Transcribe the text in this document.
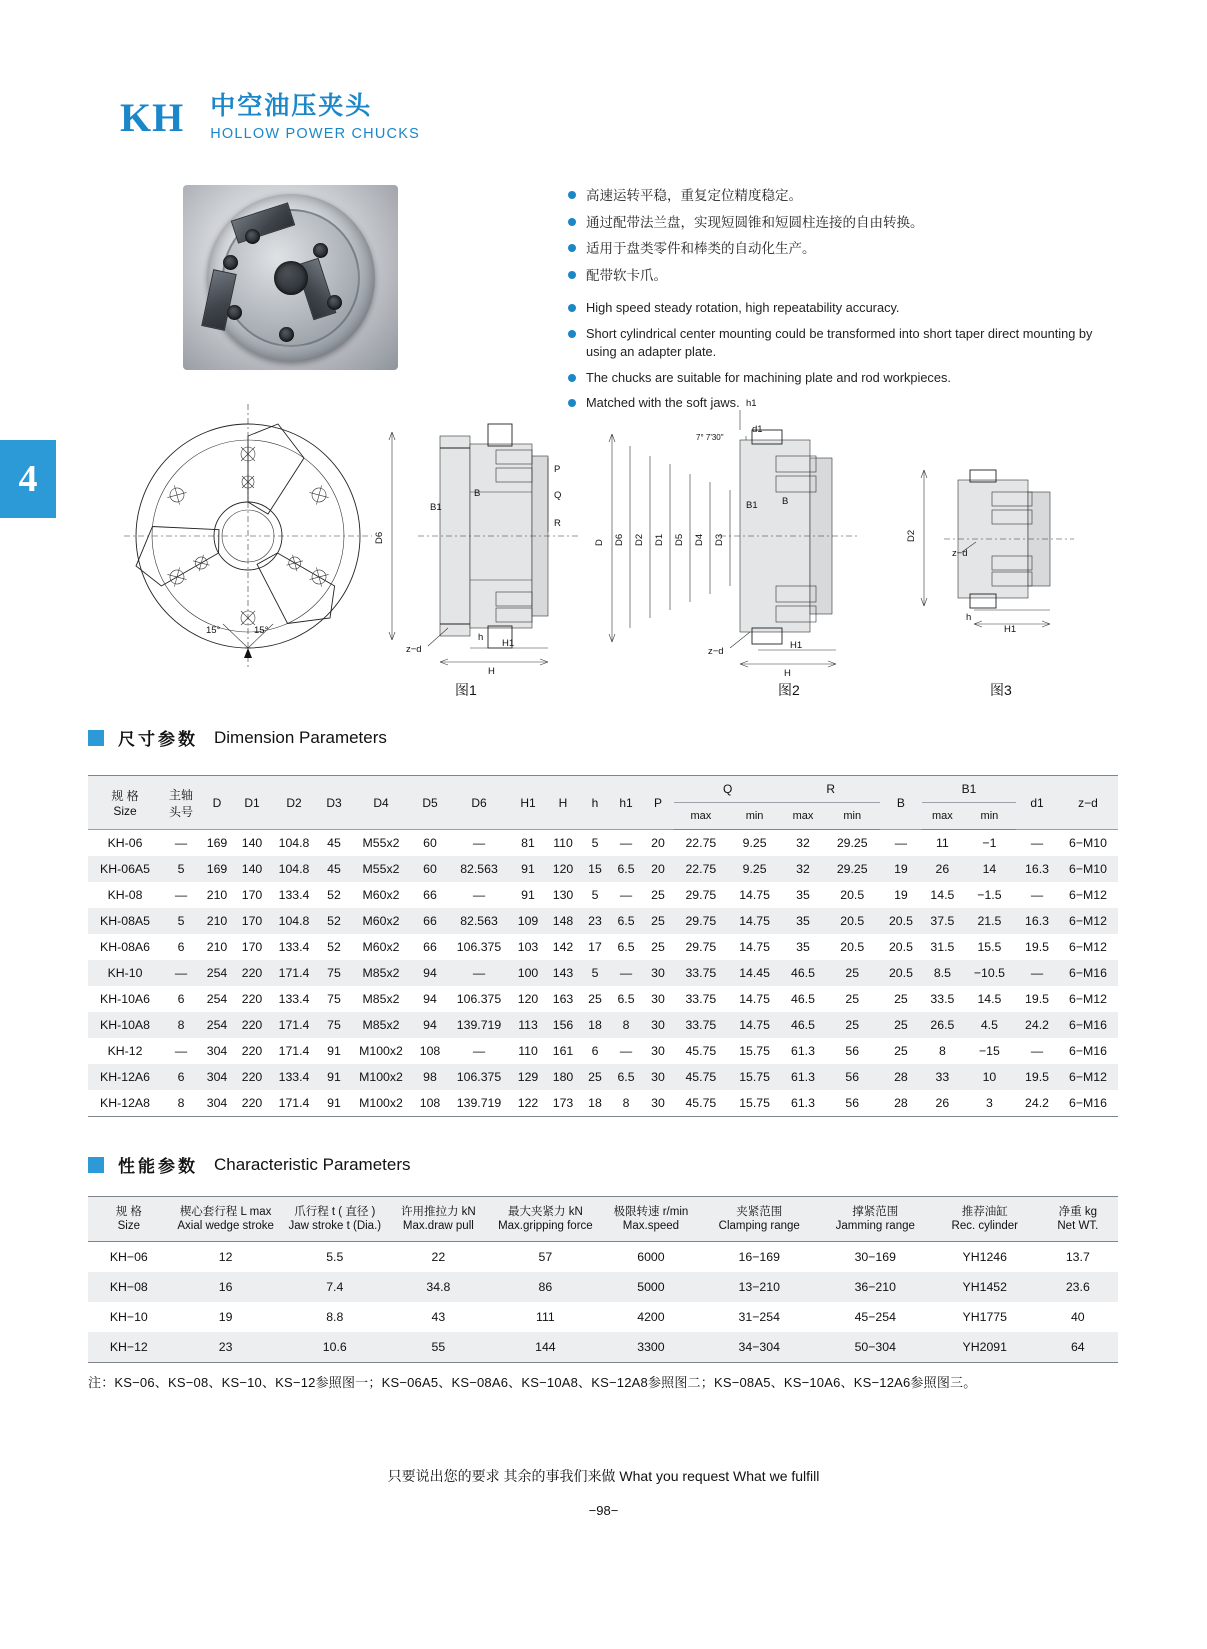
KH 中空油压夹头
HOLLOW POWER CHUCKS
4
高速运转平稳，重复定位精度稳定。
通过配带法兰盘，实现短圆锥和短圆柱连接的自由转换。
适用于盘类零件和棒类的自动化生产。
配带软卡爪。
High speed steady rotation, high repeatability accuracy.
Short cylindrical center mounting could be transformed into short taper direct mounting by using an adapter plate.
The chucks are suitable for machining plate and rod workpieces.
Matched with the soft jaws.
15°	15°
D6
B
B1
P
Q
R
H
H1
h
z−d
h1
D D6 D2 D1 D5 D4 D3
7° 7'30"
d1
B1	B
H
H1
z−d
D2
z−d
h
H1
图1	图2	图3
尺寸参数 Dimension Parameters
规 格
Size

主轴
头号
	D	D1	D2	D3	D4	D5	D6	H1	H	h	h1	P	Q	R	B	B1	d1	z−d
														max	min	max	min		max	min		
KH-06	—	169	140	104.8	45	M55x2	60	—	81	110	5	—	20	22.75	9.25	32	29.25	—	11	−1	—	6−M10
KH-06A5	5	169	140	104.8	45	M55x2	60	82.563	91	120	15	6.5	20	22.75	9.25	32	29.25	19	26	14	16.3	6−M10
KH-08	—	210	170	133.4	52	M60x2	66	—	91	130	5	—	25	29.75	14.75	35	20.5	19	14.5	−1.5	—	6−M12
KH-08A5	5	210	170	104.8	52	M60x2	66	82.563	109	148	23	6.5	25	29.75	14.75	35	20.5	20.5	37.5	21.5	16.3	6−M12
KH-08A6	6	210	170	133.4	52	M60x2	66	106.375	103	142	17	6.5	25	29.75	14.75	35	20.5	20.5	31.5	15.5	19.5	6−M12
KH-10	—	254	220	171.4	75	M85x2	94	—	100	143	5	—	30	33.75	14.45	46.5	25	20.5	8.5	−10.5	—	6−M16
KH-10A6	6	254	220	133.4	75	M85x2	94	106.375	120	163	25	6.5	30	33.75	14.75	46.5	25	25	33.5	14.5	19.5	6−M12
KH-10A8	8	254	220	171.4	75	M85x2	94	139.719	113	156	18	8	30	33.75	14.75	46.5	25	25	26.5	4.5	24.2	6−M16
KH-12	—	304	220	171.4	91	M100x2	108	—	110	161	6	—	30	45.75	15.75	61.3	56	25	8	−15	—	6−M16
KH-12A6	6	304	220	133.4	91	M100x2	98	106.375	129	180	25	6.5	30	45.75	15.75	61.3	56	28	33	10	19.5	6−M12
KH-12A8	8	304	220	171.4	91	M100x2	108	139.719	122	173	18	8	30	45.75	15.75	61.3	56	28	26	3	24.2	6−M16
性能参数 Characteristic Parameters
规 格
Size

楔心套行程 L max
Axial wedge stroke

爪行程 t ( 直径 )
Jaw stroke t (Dia.)

许用推拉力 kN
Max.draw pull

最大夹紧力 kN
Max.gripping force

极限转速 r/min
Max.speed

夹紧范围
Clamping range

撑紧范围
Jamming range

推荐油缸
Rec. cylinder

净重 kg
Net WT.

KH−06	12	5.5	22	57	6000	16−169	30−169	YH1246	13.7
KH−08	16	7.4	34.8	86	5000	13−210	36−210	YH1452	23.6
KH−10	19	8.8	43	111	4200	31−254	45−254	YH1775	40
KH−12	23	10.6	55	144	3300	34−304	50−304	YH2091	64
注：KS−06、KS−08、KS−10、KS−12参照图一；KS−06A5、KS−08A6、KS−10A8、KS−12A8参照图二；KS−08A5、KS−10A6、KS−12A6参照图三。
只要说出您的要求 其余的事我们来做 What you request What we fulfill
−98−
